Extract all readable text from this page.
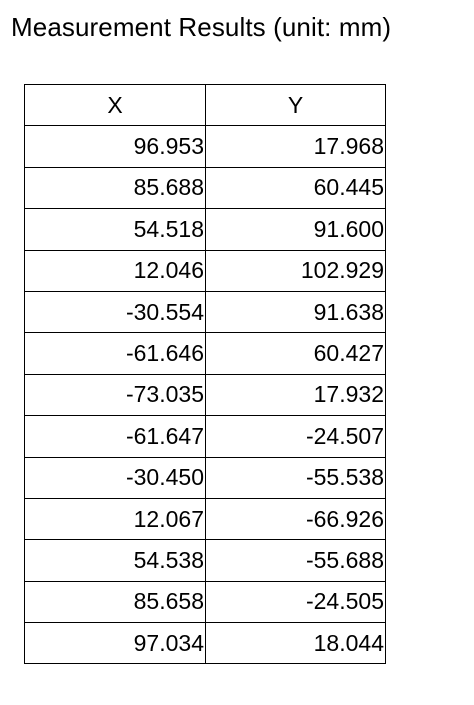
Measurement Results (unit: mm)
X	Y
96.953	17.968
85.688	60.445
54.518	91.600
12.046	102.929
-30.554	91.638
-61.646	60.427
-73.035	17.932
-61.647	-24.507
-30.450	-55.538
12.067	-66.926
54.538	-55.688
85.658	-24.505
97.034	18.044
